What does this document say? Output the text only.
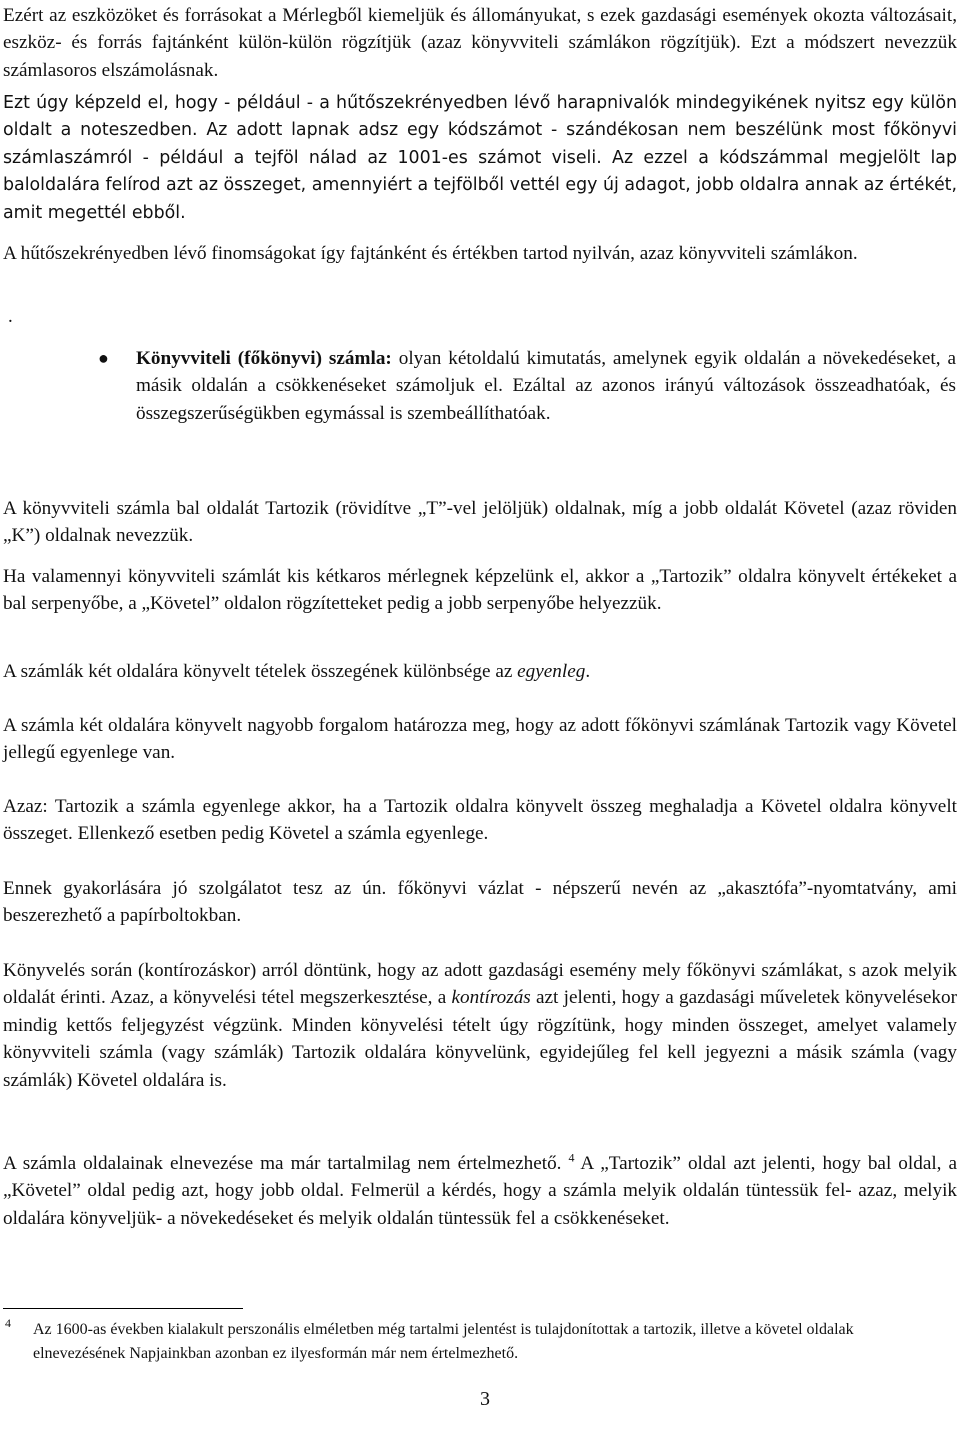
Ezért az eszközöket és forrásokat a Mérlegből kiemeljük és állományukat, s ezek gazdasági események okozta változásait, eszköz- és forrás fajtánként külön-külön rögzítjük (azaz könyvviteli számlákon rögzítjük). Ezt a módszert nevezzük számlasoros elszámolásnak.

Ezt úgy képzeld el, hogy - például - a hűtőszekrényedben lévő harapnivalók mindegyikének nyitsz egy külön oldalt a noteszedben. Az adott lapnak adsz egy kódszámot - szándékosan nem beszélünk most főkönyvi számlaszámról - például a tejföl nálad az 1001-es számot viseli. Az ezzel a kódszámmal megjelölt lap baloldalára felírod azt az összeget, amennyiért a tejfölből vettél egy új adagot, jobb oldalra annak az értékét, amit megettél ebből.

A hűtőszekrényedben lévő finomságokat így fajtánként és értékben tartod nyilván, azaz könyvviteli számlákon.

.
● Könyvviteli (főkönyvi) számla: olyan kétoldalú kimutatás, amelynek egyik oldalán a növekedéseket, a másik oldalán a csökkenéseket számoljuk el. Ezáltal az azonos irányú változások összeadhatóak, és összegszerűségükben egymással is szembeállíthatóak.

A könyvviteli számla bal oldalát Tartozik (rövidítve „T”-vel jelöljük) oldalnak, míg a jobb oldalát Követel (azaz röviden „K”) oldalnak nevezzük.

Ha valamennyi könyvviteli számlát kis kétkaros mérlegnek képzelünk el, akkor a „Tartozik” oldalra könyvelt értékeket a bal serpenyőbe, a „Követel” oldalon rögzítetteket pedig a jobb serpenyőbe helyezzük.

A számlák két oldalára könyvelt tételek összegének különbsége az egyenleg.

A számla két oldalára könyvelt nagyobb forgalom határozza meg, hogy az adott főkönyvi számlának Tartozik vagy Követel jellegű egyenlege van.

Azaz: Tartozik a számla egyenlege akkor, ha a Tartozik oldalra könyvelt összeg meghaladja a Követel oldalra könyvelt összeget. Ellenkező esetben pedig Követel a számla egyenlege.

Ennek gyakorlására jó szolgálatot tesz az ún. főkönyvi vázlat - népszerű nevén az „akasztófa”-nyomtatvány, ami beszerezhető a papírboltokban.

Könyvelés során (kontírozáskor) arról döntünk, hogy az adott gazdasági esemény mely főkönyvi számlákat, s azok melyik oldalát érinti. Azaz, a könyvelési tétel megszerkesztése, a kontírozás azt jelenti, hogy a gazdasági műveletek könyvelésekor mindig kettős feljegyzést végzünk. Minden könyvelési tételt úgy rögzítünk, hogy minden összeget, amelyet valamely könyvviteli számla (vagy számlák) Tartozik oldalára könyvelünk, egyidejűleg fel kell jegyezni a másik számla (vagy számlák) Követel oldalára is.

A számla oldalainak elnevezése ma már tartalmilag nem értelmezhető. $^4$ A „Tartozik” oldal azt jelenti, hogy bal oldal, a „Követel” oldal pedig azt, hogy jobb oldal. Felmerül a kérdés, hogy a számla melyik oldalán tüntessük fel- azaz, melyik oldalára könyveljük- a növekedéseket és melyik oldalán tüntessük fel a csökkenéseket.

4 Az 1600-as években kialakult perszonális elméletben még tartalmi jelentést is tulajdonítottak a tartozik, illetve a követel oldalak elnevezésének Napjainkban azonban ez ilyesformán már nem értelmezhető.

3
